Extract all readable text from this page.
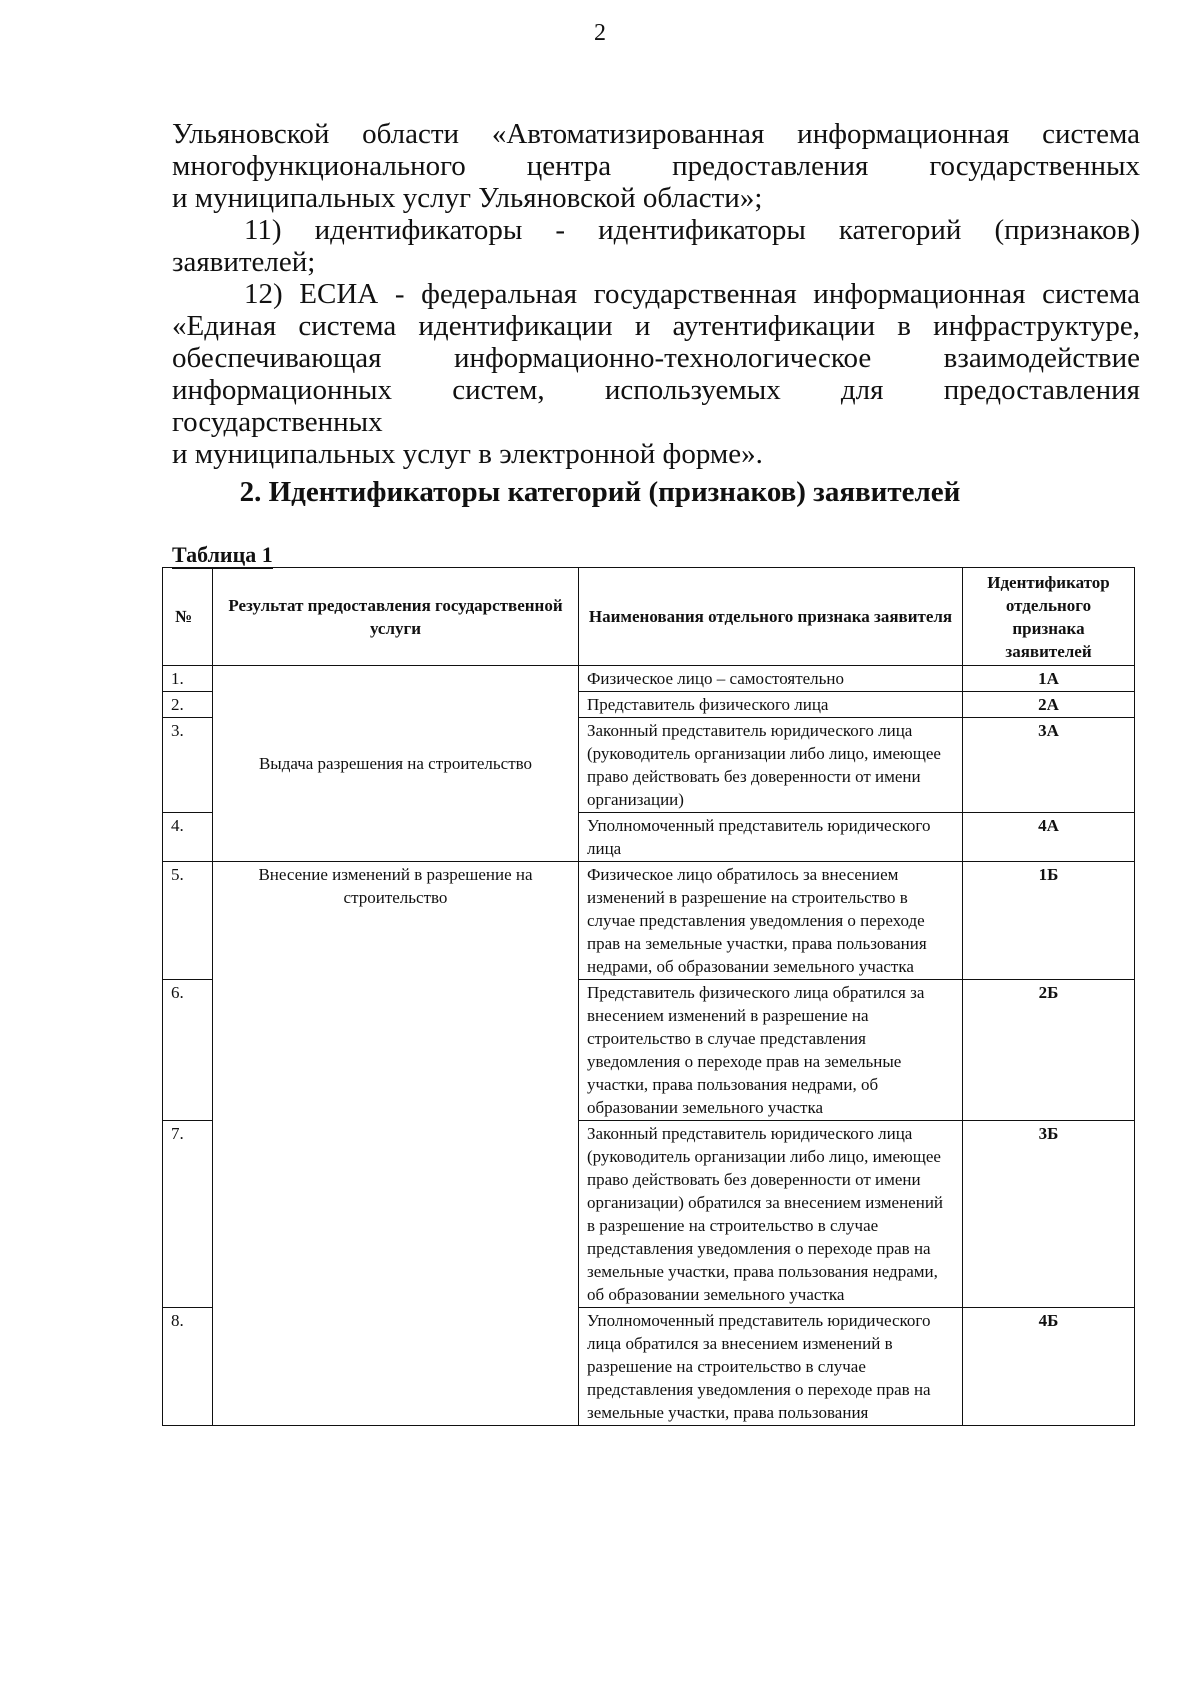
2
Ульяновской области «Автоматизированная информационная система
многофункционального центра предоставления государственных
и муниципальных услуг Ульяновской области»;
11) идентификаторы - идентификаторы категорий (признаков)
заявителей;
12) ЕСИА - федеральная государственная информационная система
«Единая система идентификации и аутентификации в инфраструктуре,
обеспечивающая информационно-технологическое взаимодействие
информационных систем, используемых для предоставления государственных
и муниципальных услуг в электронной форме».
2. Идентификаторы категорий (признаков) заявителей
Таблица 1
№	Результат предоставления государственной услуги	Наименования отдельного признака заявителя	Идентификатор отдельного признака заявителей
1.	Выдача разрешения на строительство	Физическое лицо – самостоятельно	1А
2.		Представитель физического лица	2А
3.		Законный представитель юридического лица (руководитель организации либо лицо, имеющее право действовать без доверенности от имени организации)	3А
4.		Уполномоченный представитель юридического лица	4А
5.	Внесение изменений в разрешение на строительство	Физическое лицо обратилось за внесением изменений в разрешение на строительство в случае представления уведомления о переходе прав на земельные участки, права пользования недрами, об образовании земельного участка	1Б
6.		Представитель физического лица обратился за внесением изменений в разрешение на строительство в случае представления уведомления о переходе прав на земельные участки, права пользования недрами, об образовании земельного участка	2Б
7.		Законный представитель юридического лица (руководитель организации либо лицо, имеющее право действовать без доверенности от имени организации) обратился за внесением изменений в разрешение на строительство в случае представления уведомления о переходе прав на земельные участки, права пользования недрами, об образовании земельного участка	3Б
8.		Уполномоченный представитель юридического лица обратился за внесением изменений в разрешение на строительство в случае представления уведомления о переходе прав на земельные участки, права пользования	4Б
